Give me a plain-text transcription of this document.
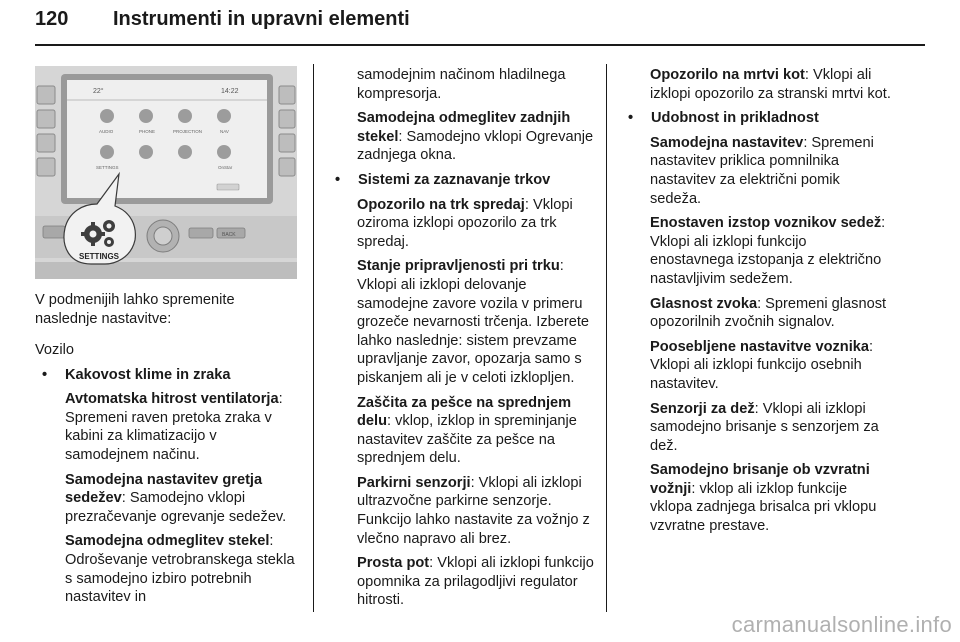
120 Instrumenti in upravni elementi
22°	14:22
AUDIO	PHONE	PROJECTION	NAV
SETTINGS	OnStar
BACK
SETTINGS
V podmenijih lahko spremenite naslednje nastavitve:

Vozilo

• Kakovost klime in zraka

Avtomatska hitrost ventilatorja: Spremeni raven pretoka zraka v kabini za klimatizacijo v samodejnem načinu.

Samodejna nastavitev gretja sedežev: Samodejno vklopi prezračevanje ogrevanje sedežev.

Samodejna odmeglitev stekel: Odroševanje vetrobranskega stekla s samodejno izbiro potrebnih nastavitev in

samodejnim načinom hladilnega kompresorja.

Samodejna odmeglitev zadnjih stekel: Samodejno vklopi Ogrevanje zadnjega okna.

• Sistemi za zaznavanje trkov

Opozorilo na trk spredaj: Vklopi oziroma izklopi opozorilo za trk spredaj.

Stanje pripravljenosti pri trku: Vklopi ali izklopi delovanje samodejne zavore vozila v primeru grozeče nevarnosti trčenja. Izberete lahko naslednje: sistem prevzame upravljanje zavor, opozarja samo s piskanjem ali je v celoti izklopljen.

Zaščita za pešce na sprednjem delu: vklop, izklop in spreminjanje nastavitev zaščite za pešce na sprednjem delu.

Parkirni senzorji: Vklopi ali izklopi ultrazvočne parkirne senzorje. Funkcijo lahko nastavite za vožnjo z vlečno napravo ali brez.

Prosta pot: Vklopi ali izklopi funkcijo opomnika za prilagodljivi regulator hitrosti.

Opozorilo na mrtvi kot: Vklopi ali izklopi opozorilo za stranski mrtvi kot.

• Udobnost in prikladnost

Samodejna nastavitev: Spremeni nastavitev priklica pomnilnika nastavitev za električni pomik sedeža.

Enostaven izstop voznikov sedež: Vklopi ali izklopi funkcijo enostavnega izstopanja z električno nastavljivim sedežem.

Glasnost zvoka: Spremeni glasnost opozorilnih zvočnih signalov.

Poosebljene nastavitve voznika: Vklopi ali izklopi funkcijo osebnih nastavitev.

Senzorji za dež: Vklopi ali izklopi samodejno brisanje s senzorjem za dež.

Samodejno brisanje ob vzvratni vožnji: vklop ali izklop funkcije vklopa zadnjega brisalca pri vklopu vzvratne prestave.

carmanualsonline.info
